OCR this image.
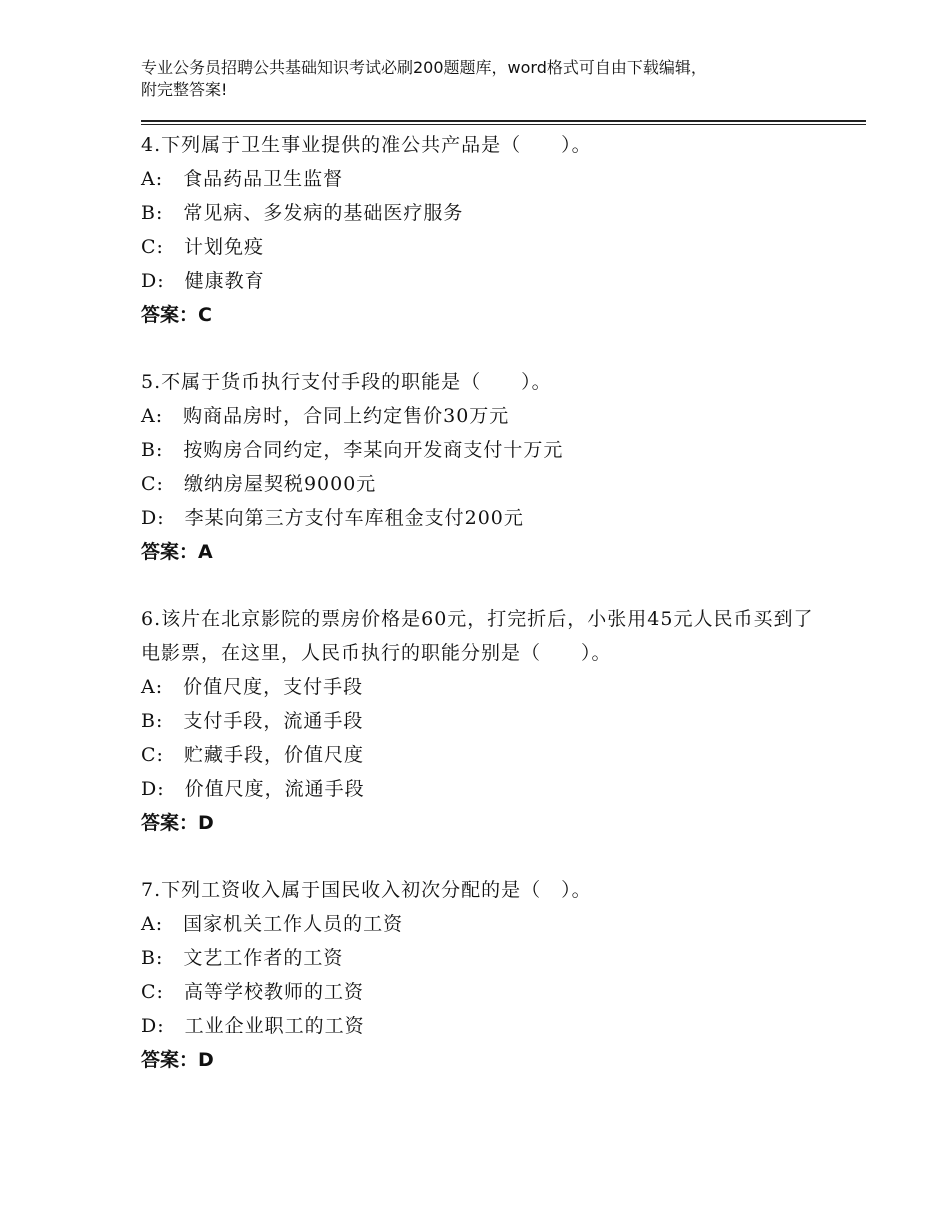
专业公务员招聘公共基础知识考试必刷200题题库，word格式可自由下载编辑，
附完整答案!

4.下列属于卫生事业提供的准公共产品是（　　）。

A:　食品药品卫生监督

B:　常见病、多发病的基础医疗服务

C:　计划免疫

D:　健康教育

答案：C

5.不属于货币执行支付手段的职能是（　　）。

A:　购商品房时，合同上约定售价30万元

B:　按购房合同约定，李某向开发商支付十万元

C:　缴纳房屋契税9000元

D:　李某向第三方支付车库租金支付200元

答案：A

6.该片在北京影院的票房价格是60元，打完折后，小张用45元人民币买到了电影票，在这里，人民币执行的职能分别是（　　）。

A:　价值尺度，支付手段

B:　支付手段，流通手段

C:　贮藏手段，价值尺度

D:　价值尺度，流通手段

答案：D

7.下列工资收入属于国民收入初次分配的是（　）。

A:　国家机关工作人员的工资

B:　文艺工作者的工资

C:　高等学校教师的工资

D:　工业企业职工的工资

答案：D
